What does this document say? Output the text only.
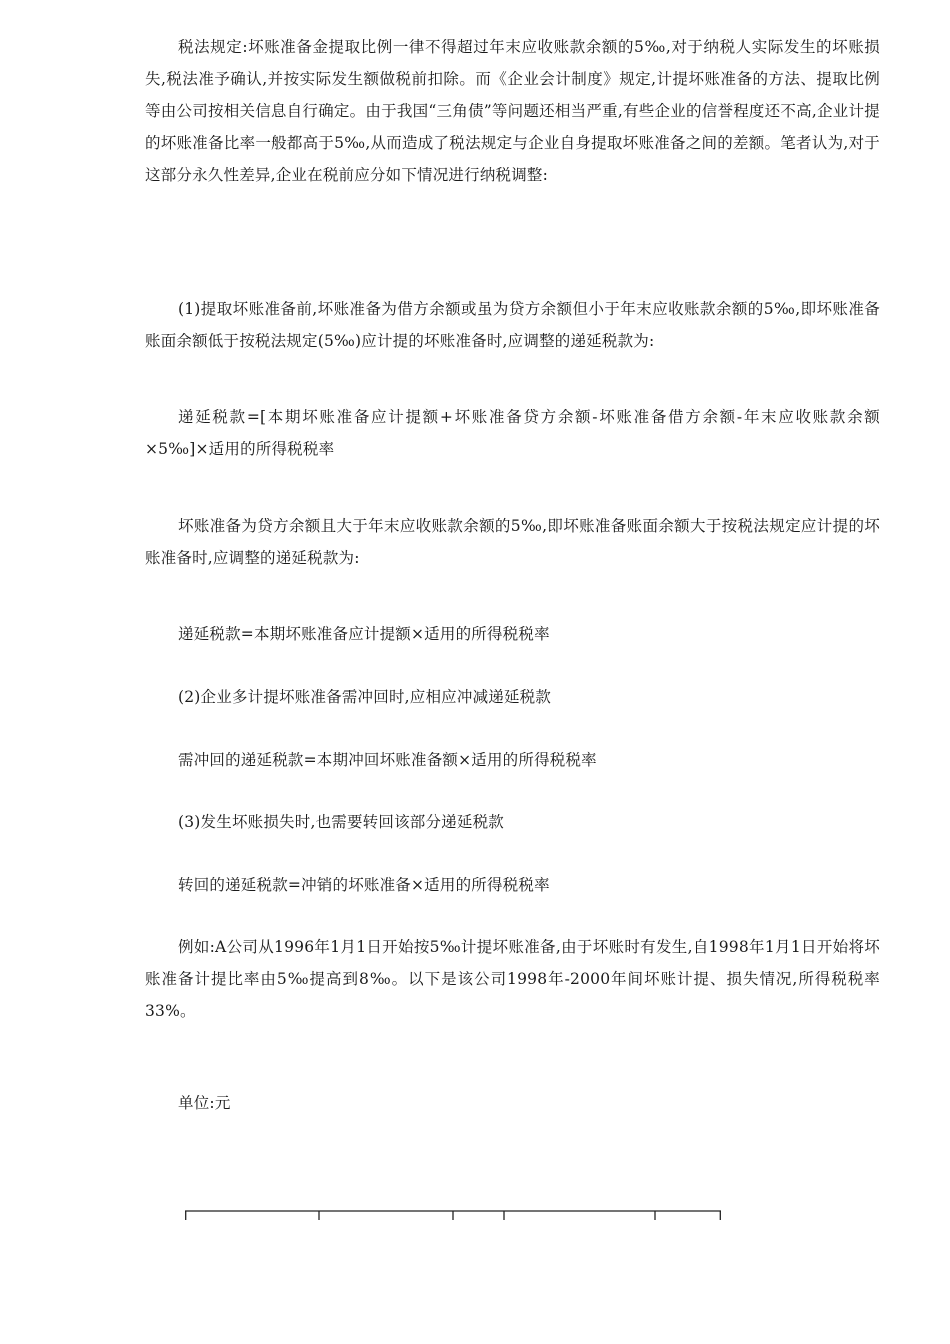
税法规定:坏账准备金提取比例一律不得超过年末应收账款余额的5‰,对于纳税人实际发生的坏账损失,税法准予确认,并按实际发生额做税前扣除。而《企业会计制度》规定,计提坏账准备的方法、提取比例等由公司按相关信息自行确定。由于我国“三角债”等问题还相当严重,有些企业的信誉程度还不高,企业计提的坏账准备比率一般都高于5‰,从而造成了税法规定与企业自身提取坏账准备之间的差额。笔者认为,对于这部分永久性差异,企业在税前应分如下情况进行纳税调整:

(1)提取坏账准备前,坏账准备为借方余额或虽为贷方余额但小于年末应收账款余额的5‰,即坏账准备账面余额低于按税法规定(5‰)应计提的坏账准备时,应调整的递延税款为:

递延税款=[本期坏账准备应计提额+坏账准备贷方余额-坏账准备借方余额-年末应收账款余额×5‰]×适用的所得税税率

坏账准备为贷方余额且大于年末应收账款余额的5‰,即坏账准备账面余额大于按税法规定应计提的坏账准备时,应调整的递延税款为:

递延税款=本期坏账准备应计提额×适用的所得税税率

(2)企业多计提坏账准备需冲回时,应相应冲减递延税款

需冲回的递延税款=本期冲回坏账准备额×适用的所得税税率

(3)发生坏账损失时,也需要转回该部分递延税款

转回的递延税款=冲销的坏账准备×适用的所得税税率

例如:A公司从1996年1月1日开始按5‰计提坏账准备,由于坏账时有发生,自1998年1月1日开始将坏账准备计提比率由5‰提高到8‰。以下是该公司1998年-2000年间坏账计提、损失情况,所得税税率33%。

单位:元
